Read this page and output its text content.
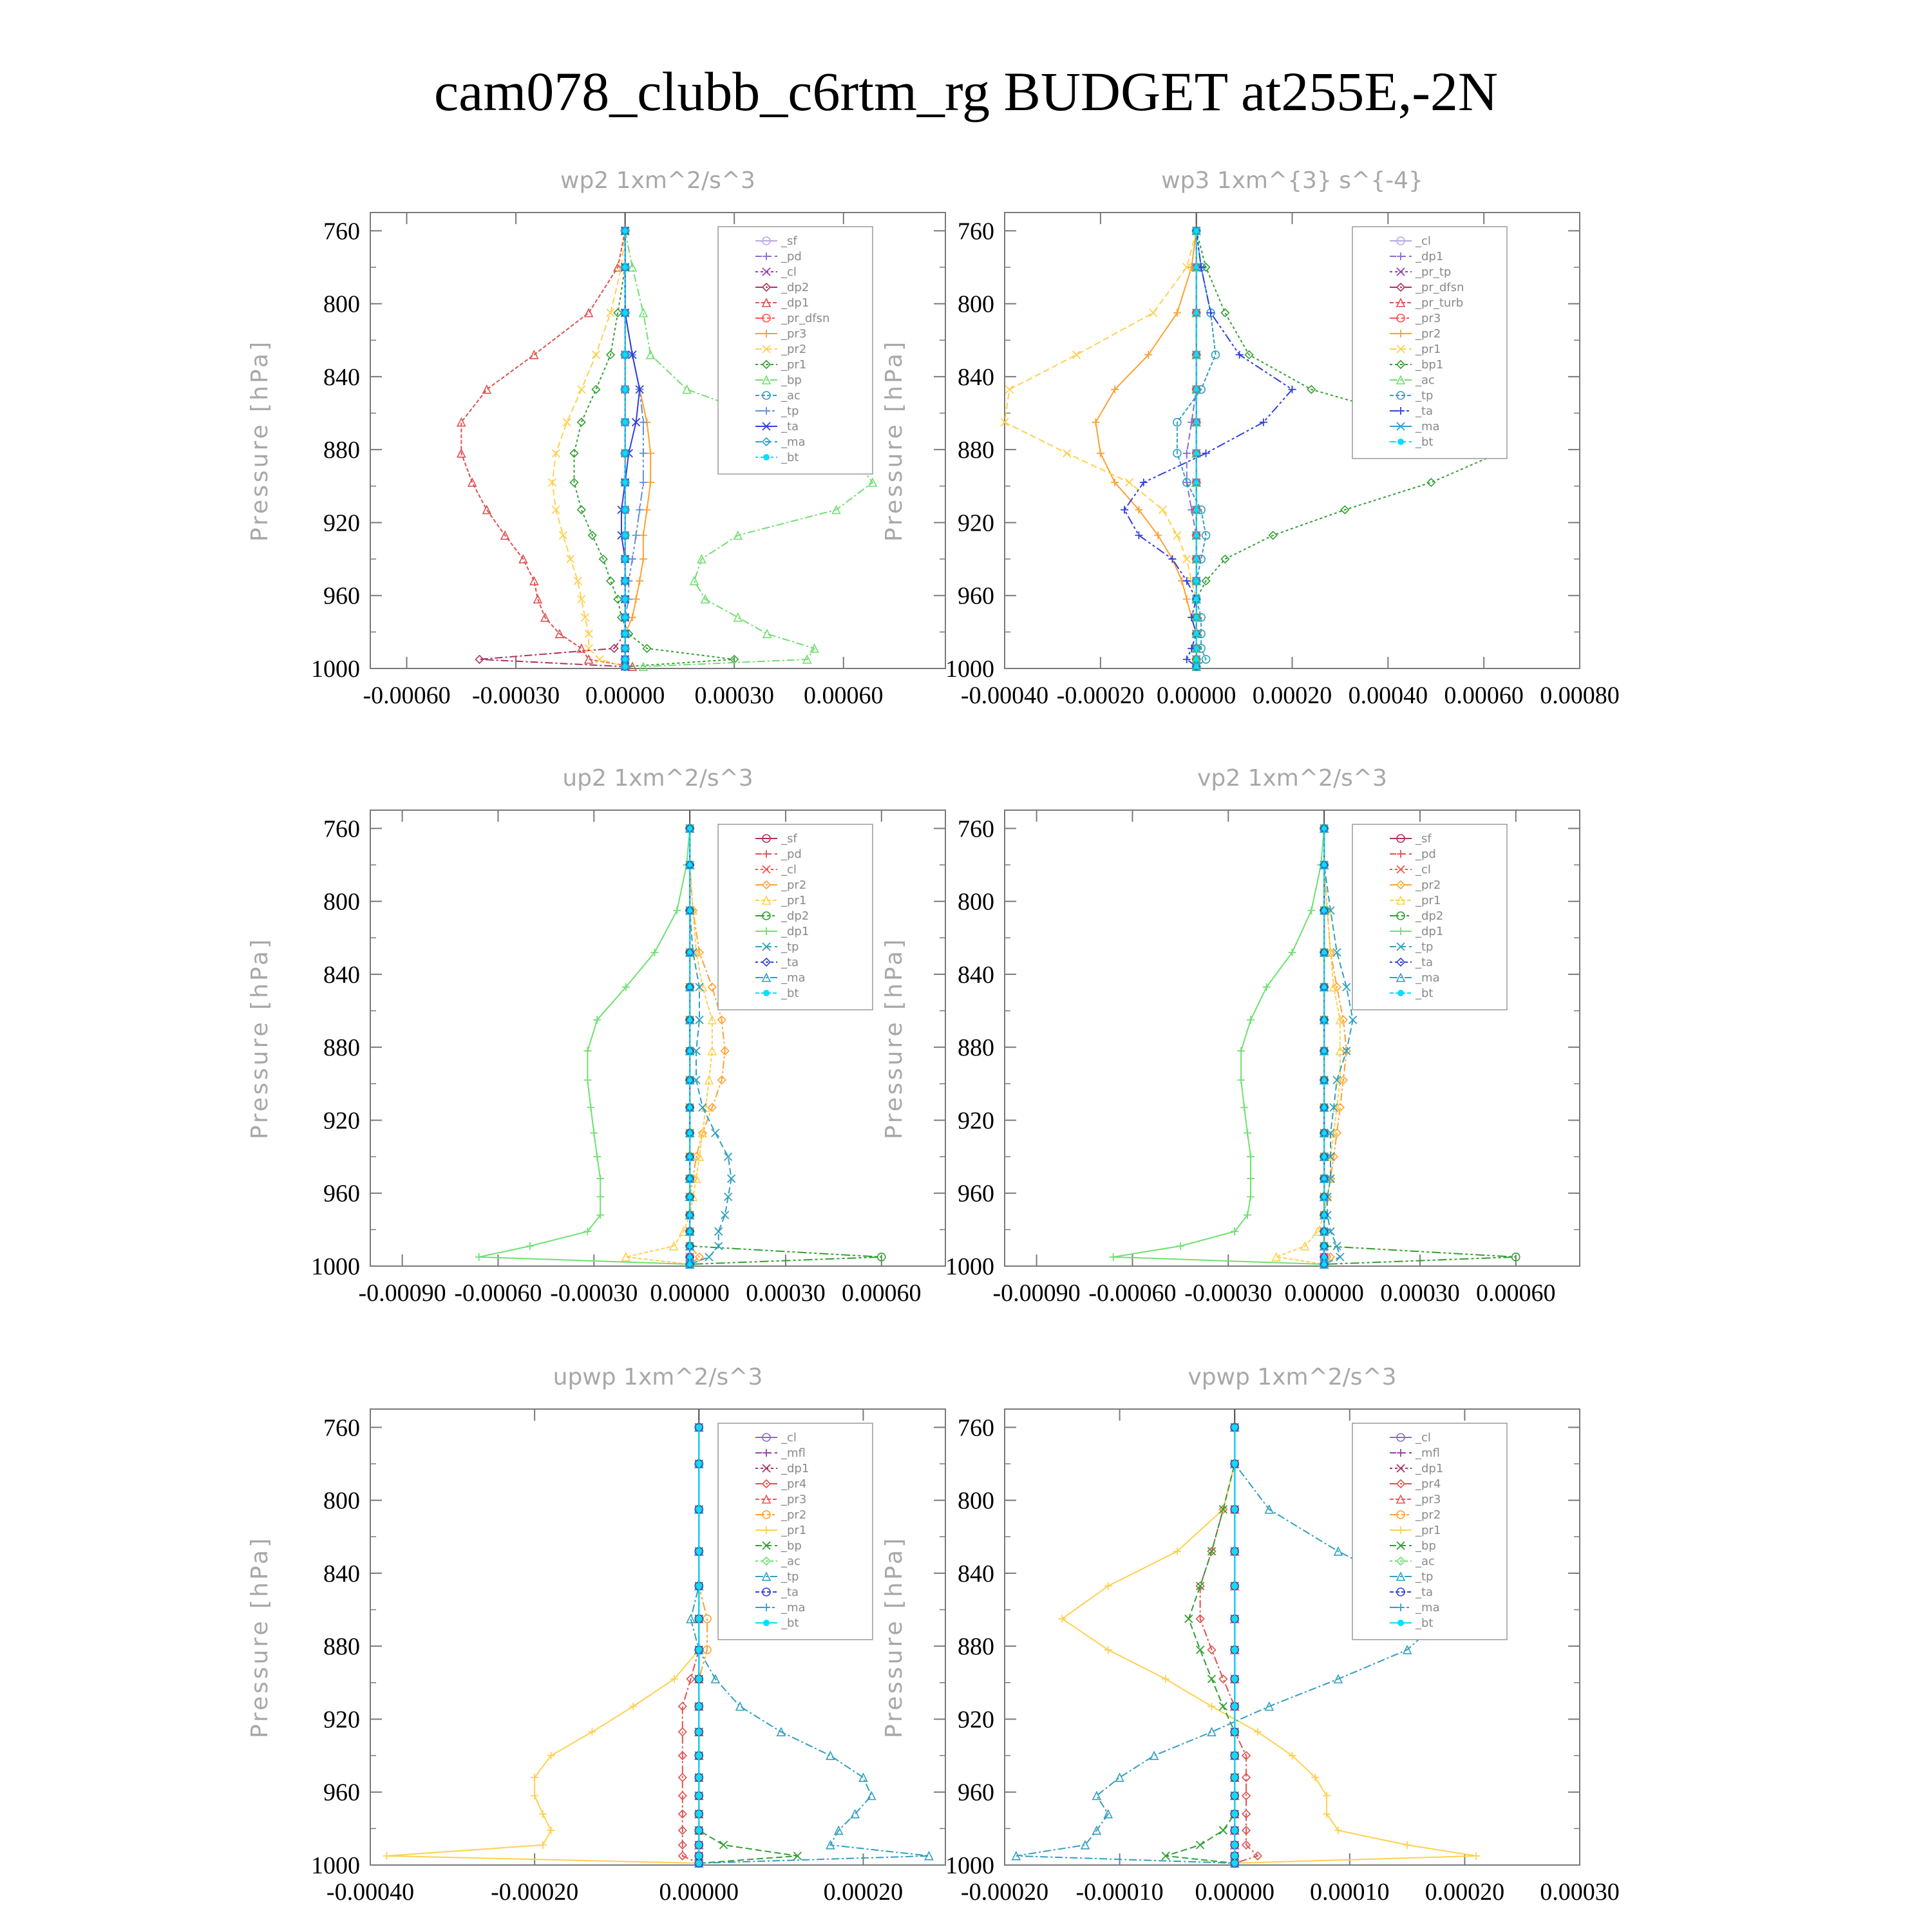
cam078_clubb_c6rtm_rg BUDGET at255E,-2N
wp2 1xm^2/s^3
Pressure [hPa]
760
800
840
880
920
960
1000
-0.00060 -0.00030 0.00000 0.00030 0.00060
_sf
_pd
_cl
_dp2
_dp1
_pr_dfsn
_pr3
_pr2
_pr1
_bp
_ac
_tp
_ta
_ma
_bt
wp3 1xm^{3} s^{-4}
Pressure [hPa]
760
800
840
880
920
960
1000
-0.00040 -0.00020 0.00000 0.00020 0.00040 0.00060 0.00080
_cl
_dp1
_pr_tp
_pr_dfsn
_pr_turb
_pr3
_pr2
_pr1
_bp1
_ac
_tp
_ta
_ma
_bt
up2 1xm^2/s^3
Pressure [hPa]
760
800
840
880
920
960
1000
-0.00090 -0.00060 -0.00030 0.00000 0.00030 0.00060
_sf
_pd
_cl
_pr2
_pr1
_dp2
_dp1
_tp
_ta
_ma
_bt
vp2 1xm^2/s^3
Pressure [hPa]
760
800
840
880
920
960
1000
-0.00090 -0.00060 -0.00030 0.00000 0.00030 0.00060
_sf
_pd
_cl
_pr2
_pr1
_dp2
_dp1
_tp
_ta
_ma
_bt
upwp 1xm^2/s^3
Pressure [hPa]
760
800
840
880
920
960
1000
-0.00040	-0.00020	0.00000	0.00020
_cl
_mfl
_dp1
_pr4
_pr3
_pr2
_pr1
_bp
_ac
_tp
_ta
_ma
_bt
vpwp 1xm^2/s^3
Pressure [hPa]
760
800
840
880
920
960
1000
-0.00020 -0.00010 0.00000 0.00010 0.00020 0.00030
_cl
_mfl
_dp1
_pr4
_pr3
_pr2
_pr1
_bp
_ac
_tp
_ta
_ma
_bt
